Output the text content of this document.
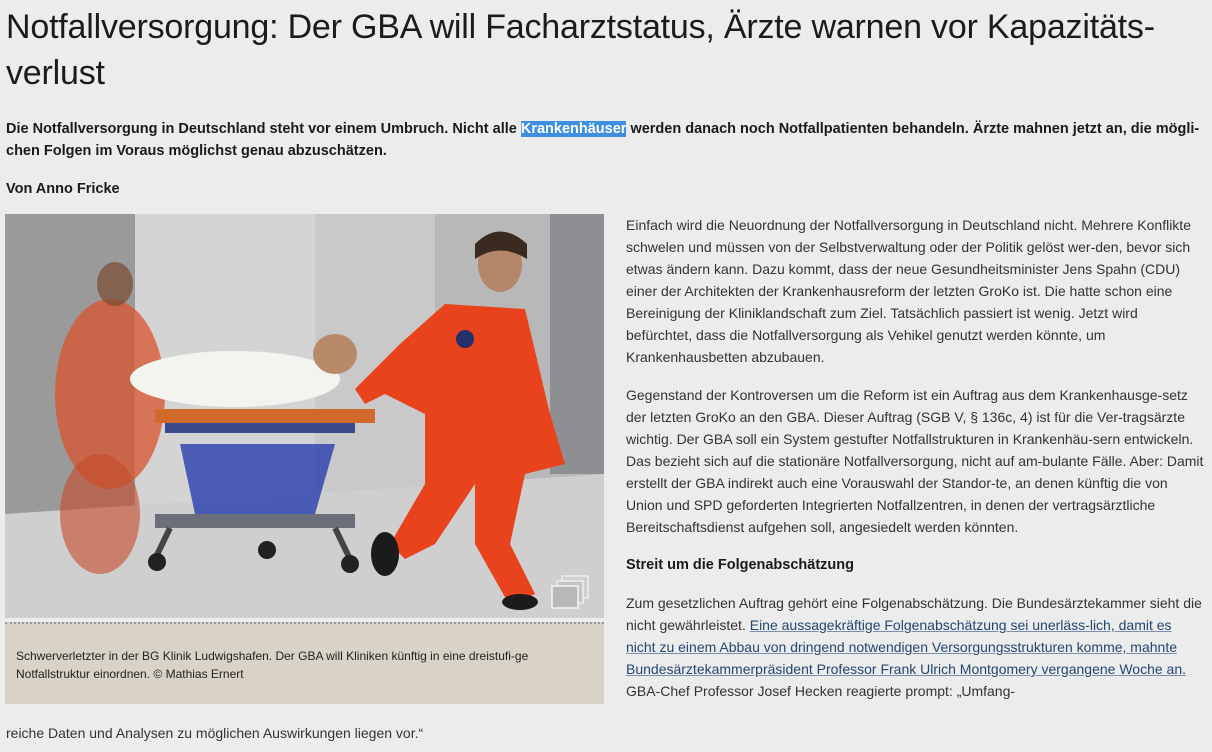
Notfallversorgung: Der GBA will Facharztstatus, Ärzte warnen vor Kapazitäts-verlust

Die Notfallversorgung in Deutschland steht vor einem Umbruch. Nicht alle Krankenhäuser werden danach noch Notfallpatienten behandeln. Ärzte mahnen jetzt an, die mögli-chen Folgen im Voraus möglichst genau abzuschätzen.

Von Anno Fricke

Schwerverletzter in der BG Klinik Ludwigshafen. Der GBA will Kliniken künftig in eine dreistufi-ge Notfallstruktur einordnen. © Mathias Ernert

Einfach wird die Neuordnung der Notfallversorgung in Deutschland nicht. Mehrere Konflikte schwelen und müssen von der Selbstverwaltung oder der Politik gelöst wer-den, bevor sich etwas ändern kann. Dazu kommt, dass der neue Gesundheitsminister Jens Spahn (CDU) einer der Architekten der Krankenhausreform der letzten GroKo ist. Die hatte schon eine Bereinigung der Kliniklandschaft zum Ziel. Tatsächlich passiert ist wenig. Jetzt wird befürchtet, dass die Notfallversorgung als Vehikel genutzt werden könnte, um Krankenhausbetten abzubauen.

Gegenstand der Kontroversen um die Reform ist ein Auftrag aus dem Krankenhausge-setz der letzten GroKo an den GBA. Dieser Auftrag (SGB V, § 136c, 4) ist für die Ver-tragsärzte wichtig. Der GBA soll ein System gestufter Notfallstrukturen in Krankenhäu-sern entwickeln. Das bezieht sich auf die stationäre Notfallversorgung, nicht auf am-bulante Fälle. Aber: Damit erstellt der GBA indirekt auch eine Vorauswahl der Standor-te, an denen künftig die von Union und SPD geforderten Integrierten Notfallzentren, in denen der vertragsärztliche Bereitschaftsdienst aufgehen soll, angesiedelt werden könnten.

Streit um die Folgenabschätzung

Zum gesetzlichen Auftrag gehört eine Folgenabschätzung. Die Bundesärztekammer sieht die nicht gewährleistet. Eine aussagekräftige Folgenabschätzung sei unerläss-lich, damit es nicht zu einem Abbau von dringend notwendigen Versorgungsstrukturen komme, mahnte Bundesärztekammerpräsident Professor Frank Ulrich Montgomery vergangene Woche an. GBA-Chef Professor Josef Hecken reagierte prompt: „Umfang-

reiche Daten und Analysen zu möglichen Auswirkungen liegen vor.“
